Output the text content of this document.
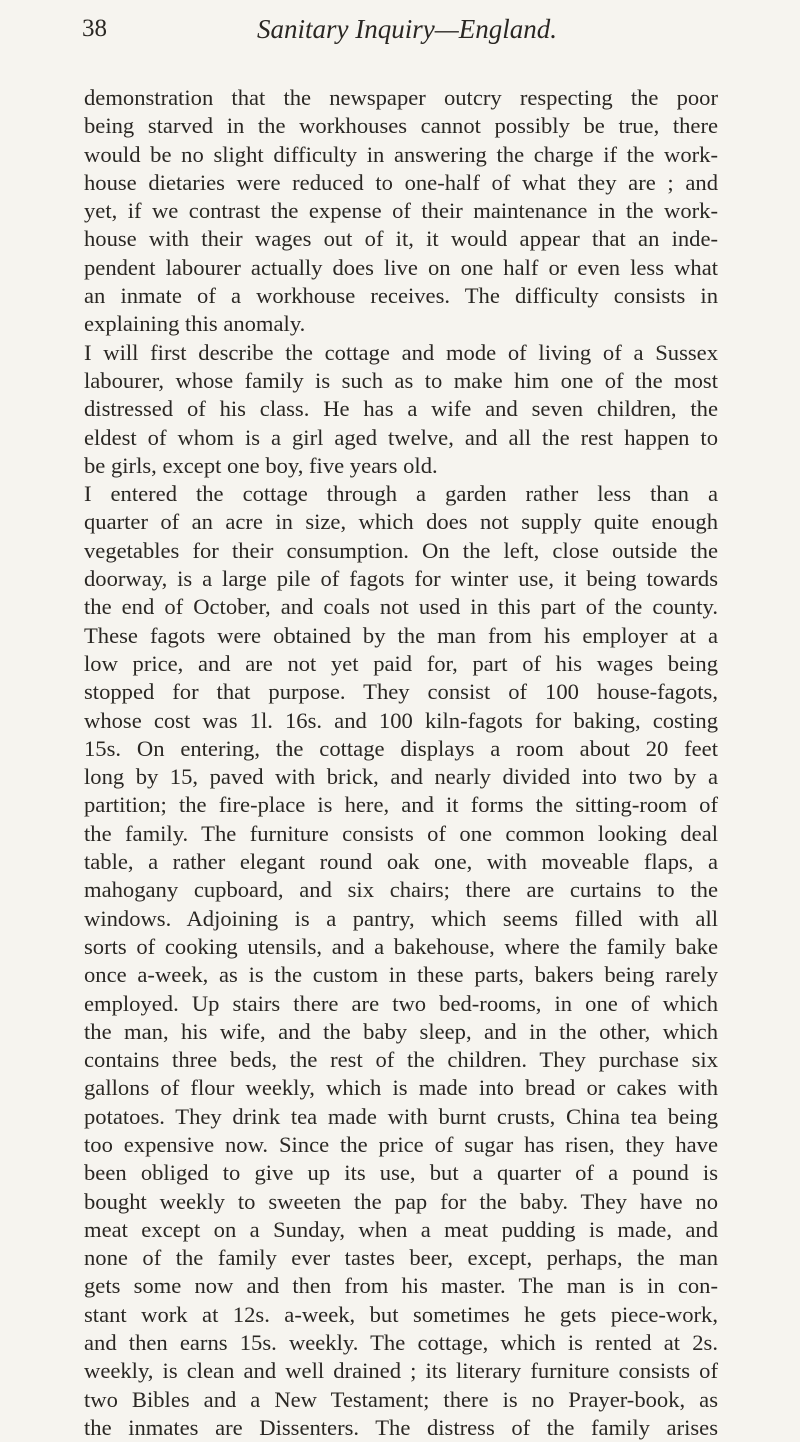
38	Sanitary Inquiry—England.
demonstration that the newspaper outcry respecting the poor
being starved in the workhouses cannot possibly be true, there
would be no slight difficulty in answering the charge if the work-
house dietaries were reduced to one-half of what they are ; and
yet, if we contrast the expense of their maintenance in the work-
house with their wages out of it, it would appear that an inde-
pendent labourer actually does live on one half or even less what
an inmate of a workhouse receives. The difficulty consists in
explaining this anomaly.
I will first describe the cottage and mode of living of a Sussex
labourer, whose family is such as to make him one of the most
distressed of his class. He has a wife and seven children, the
eldest of whom is a girl aged twelve, and all the rest happen to
be girls, except one boy, five years old.
I entered the cottage through a garden rather less than a
quarter of an acre in size, which does not supply quite enough
vegetables for their consumption. On the left, close outside the
doorway, is a large pile of fagots for winter use, it being towards
the end of October, and coals not used in this part of the county.
These fagots were obtained by the man from his employer at a
low price, and are not yet paid for, part of his wages being
stopped for that purpose. They consist of 100 house-fagots,
whose cost was 1l. 16s. and 100 kiln-fagots for baking, costing
15s. On entering, the cottage displays a room about 20 feet
long by 15, paved with brick, and nearly divided into two by a
partition; the fire-place is here, and it forms the sitting-room of
the family. The furniture consists of one common looking deal
table, a rather elegant round oak one, with moveable flaps, a
mahogany cupboard, and six chairs; there are curtains to the
windows. Adjoining is a pantry, which seems filled with all
sorts of cooking utensils, and a bakehouse, where the family bake
once a-week, as is the custom in these parts, bakers being rarely
employed. Up stairs there are two bed-rooms, in one of which
the man, his wife, and the baby sleep, and in the other, which
contains three beds, the rest of the children. They purchase six
gallons of flour weekly, which is made into bread or cakes with
potatoes. They drink tea made with burnt crusts, China tea being
too expensive now. Since the price of sugar has risen, they have
been obliged to give up its use, but a quarter of a pound is
bought weekly to sweeten the pap for the baby. They have no
meat except on a Sunday, when a meat pudding is made, and
none of the family ever tastes beer, except, perhaps, the man
gets some now and then from his master. The man is in con-
stant work at 12s. a-week, but sometimes he gets piece-work,
and then earns 15s. weekly. The cottage, which is rented at 2s.
weekly, is clean and well drained ; its literary furniture consists of
two Bibles and a New Testament; there is no Prayer-book, as
the inmates are Dissenters. The distress of the family arises
